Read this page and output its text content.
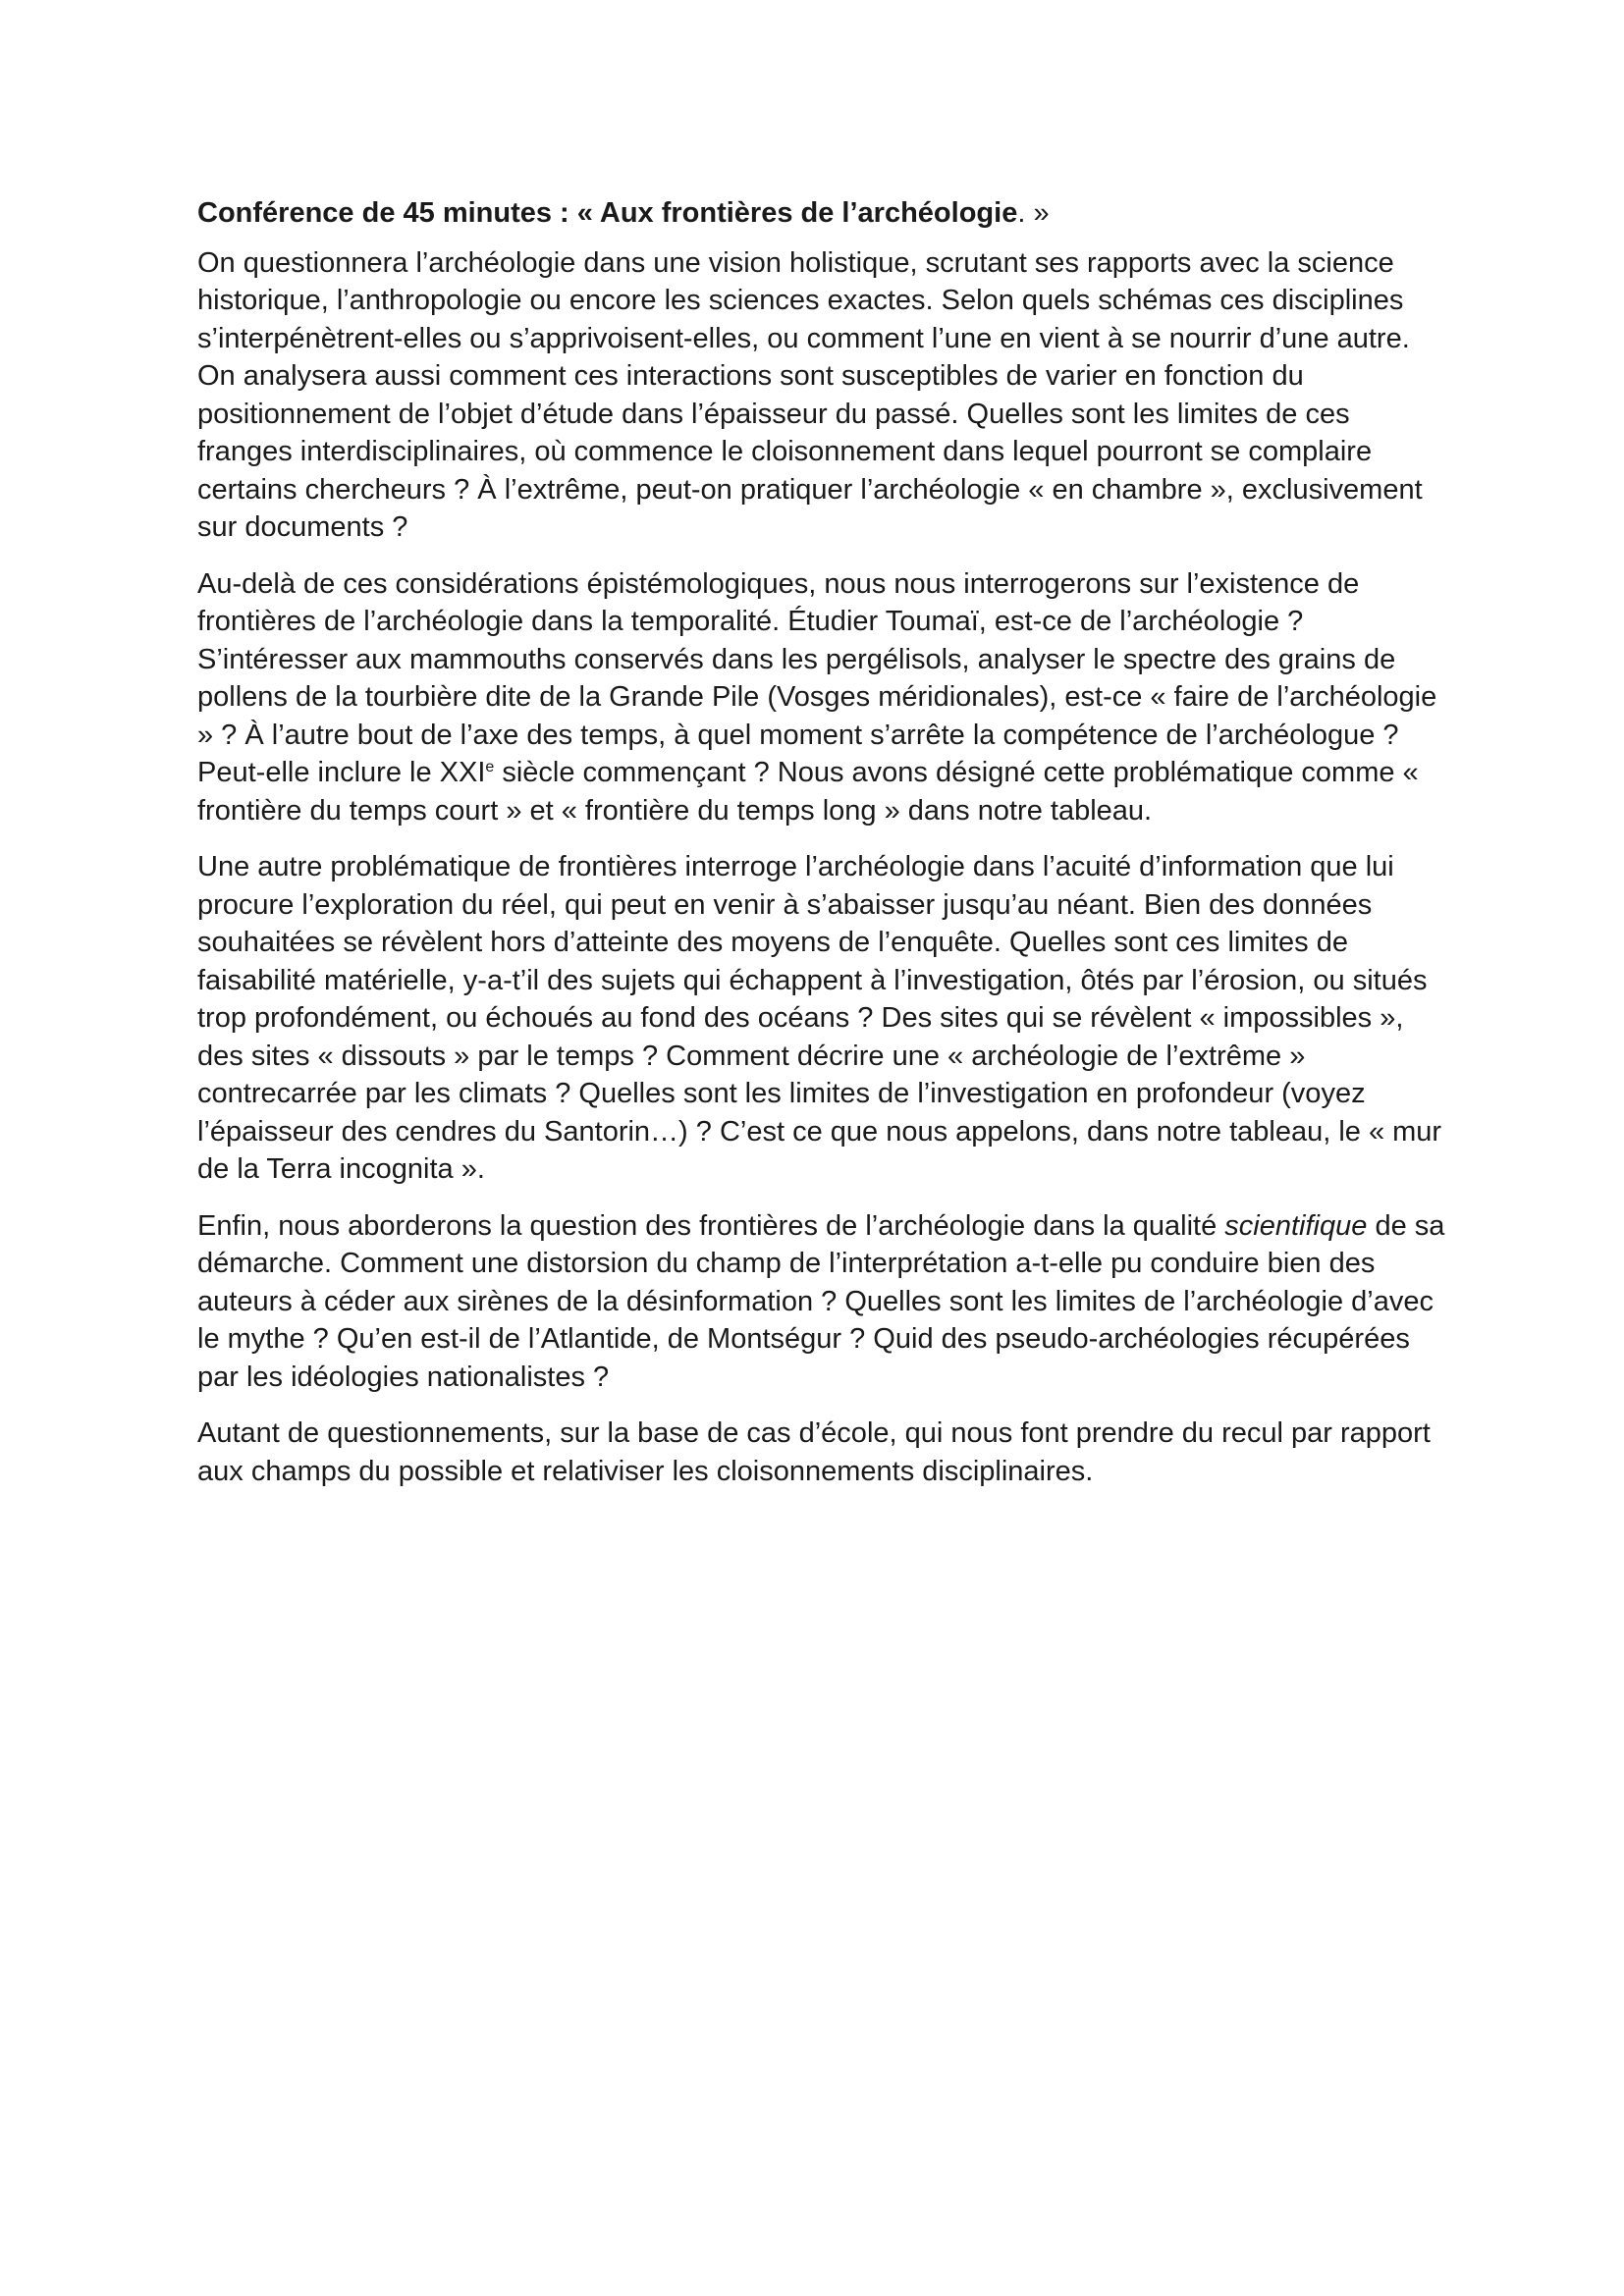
Conférence de 45 minutes : « Aux frontières de l’archéologie. »

On questionnera l’archéologie dans une vision holistique, scrutant ses rapports avec la science historique, l’anthropologie ou encore les sciences exactes. Selon quels schémas ces disciplines s’interpénètrent-elles ou s’apprivoisent-elles, ou comment l’une en vient à se nourrir d’une autre. On analysera aussi comment ces interactions sont susceptibles de varier en fonction du positionnement de l’objet d’étude dans l’épaisseur du passé. Quelles sont les limites de ces franges interdisciplinaires, où commence le cloisonnement dans lequel pourront se complaire certains chercheurs ? À l’extrême, peut-on pratiquer l’archéologie « en chambre », exclusivement sur documents ?

Au-delà de ces considérations épistémologiques, nous nous interrogerons sur l’existence de frontières de l’archéologie dans la temporalité. Étudier Toumaï, est-ce de l’archéologie ? S’intéresser aux mammouths conservés dans les pergélisols, analyser le spectre des grains de pollens de la tourbière dite de la Grande Pile (Vosges méridionales), est-ce « faire de l’archéologie » ? À l’autre bout de l’axe des temps, à quel moment s’arrête la compétence de l’archéologue ? Peut-elle inclure le XXIe siècle commençant ? Nous avons désigné cette problématique comme « frontière du temps court » et « frontière du temps long » dans notre tableau.

Une autre problématique de frontières interroge l’archéologie dans l’acuité d’information que lui procure l’exploration du réel, qui peut en venir à s’abaisser jusqu’au néant. Bien des données souhaitées se révèlent hors d’atteinte des moyens de l’enquête. Quelles sont ces limites de faisabilité matérielle, y-a-t’il des sujets qui échappent à l’investigation, ôtés par l’érosion, ou situés trop profondément, ou échoués au fond des océans ? Des sites qui se révèlent « impossibles », des sites « dissouts » par le temps ? Comment décrire une « archéologie de l’extrême » contrecarrée par les climats ? Quelles sont les limites de l’investigation en profondeur (voyez l’épaisseur des cendres du Santorin…) ? C’est ce que nous appelons, dans notre tableau, le « mur de la Terra incognita ».

Enfin, nous aborderons la question des frontières de l’archéologie dans la qualité scientifique de sa démarche. Comment une distorsion du champ de l’interprétation a-t-elle pu conduire bien des auteurs à céder aux sirènes de la désinformation ? Quelles sont les limites de l’archéologie d’avec le mythe ? Qu’en est-il de l’Atlantide, de Montségur ? Quid des pseudo-archéologies récupérées par les idéologies nationalistes ?

Autant de questionnements, sur la base de cas d’école, qui nous font prendre du recul par rapport aux champs du possible et relativiser les cloisonnements disciplinaires.
